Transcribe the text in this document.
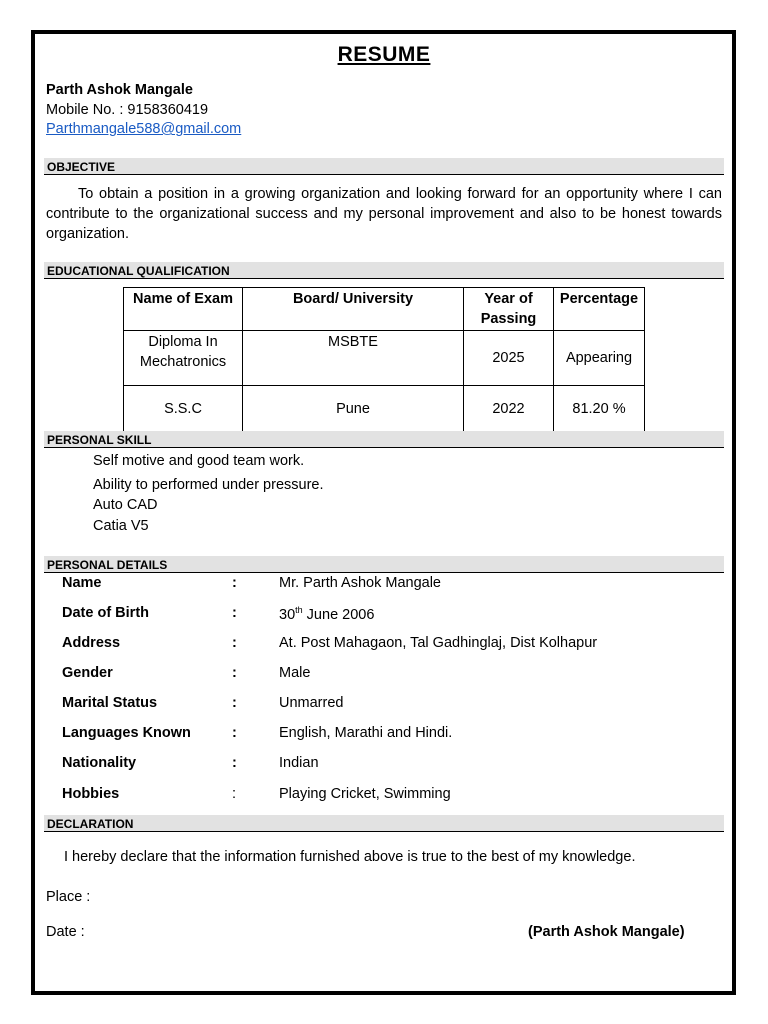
RESUME
Parth Ashok Mangale
Mobile No. : 9158360419
Parthmangale588@gmail.com
OBJECTIVE
To obtain a position in a growing organization and looking forward for an opportunity where I can contribute to the organizational success and my personal improvement and also to be honest towards organization.
EDUCATIONAL QUALIFICATION
Name of Exam	Board/ University	Year of Passing	Percentage
Diploma In Mechatronics	MSBTE	2025	Appearing
S.S.C	Pune	2022	81.20 %
PERSONAL SKILL
Self motive and good team work.
Ability to performed under pressure.
Auto CAD
Catia V5
PERSONAL DETAILS
Name	:	Mr. Parth Ashok Mangale
Date of Birth	:	30th June 2006
Address	:	At. Post Mahagaon, Tal Gadhinglaj, Dist Kolhapur
Gender	:	Male
Marital Status	:	Unmarred
Languages Known	:	English, Marathi and Hindi.
Nationality	:	Indian
Hobbies	:	Playing Cricket, Swimming
DECLARATION
I hereby declare that the information furnished above is true to the best of my knowledge.
Place :
Date :	(Parth Ashok Mangale)
